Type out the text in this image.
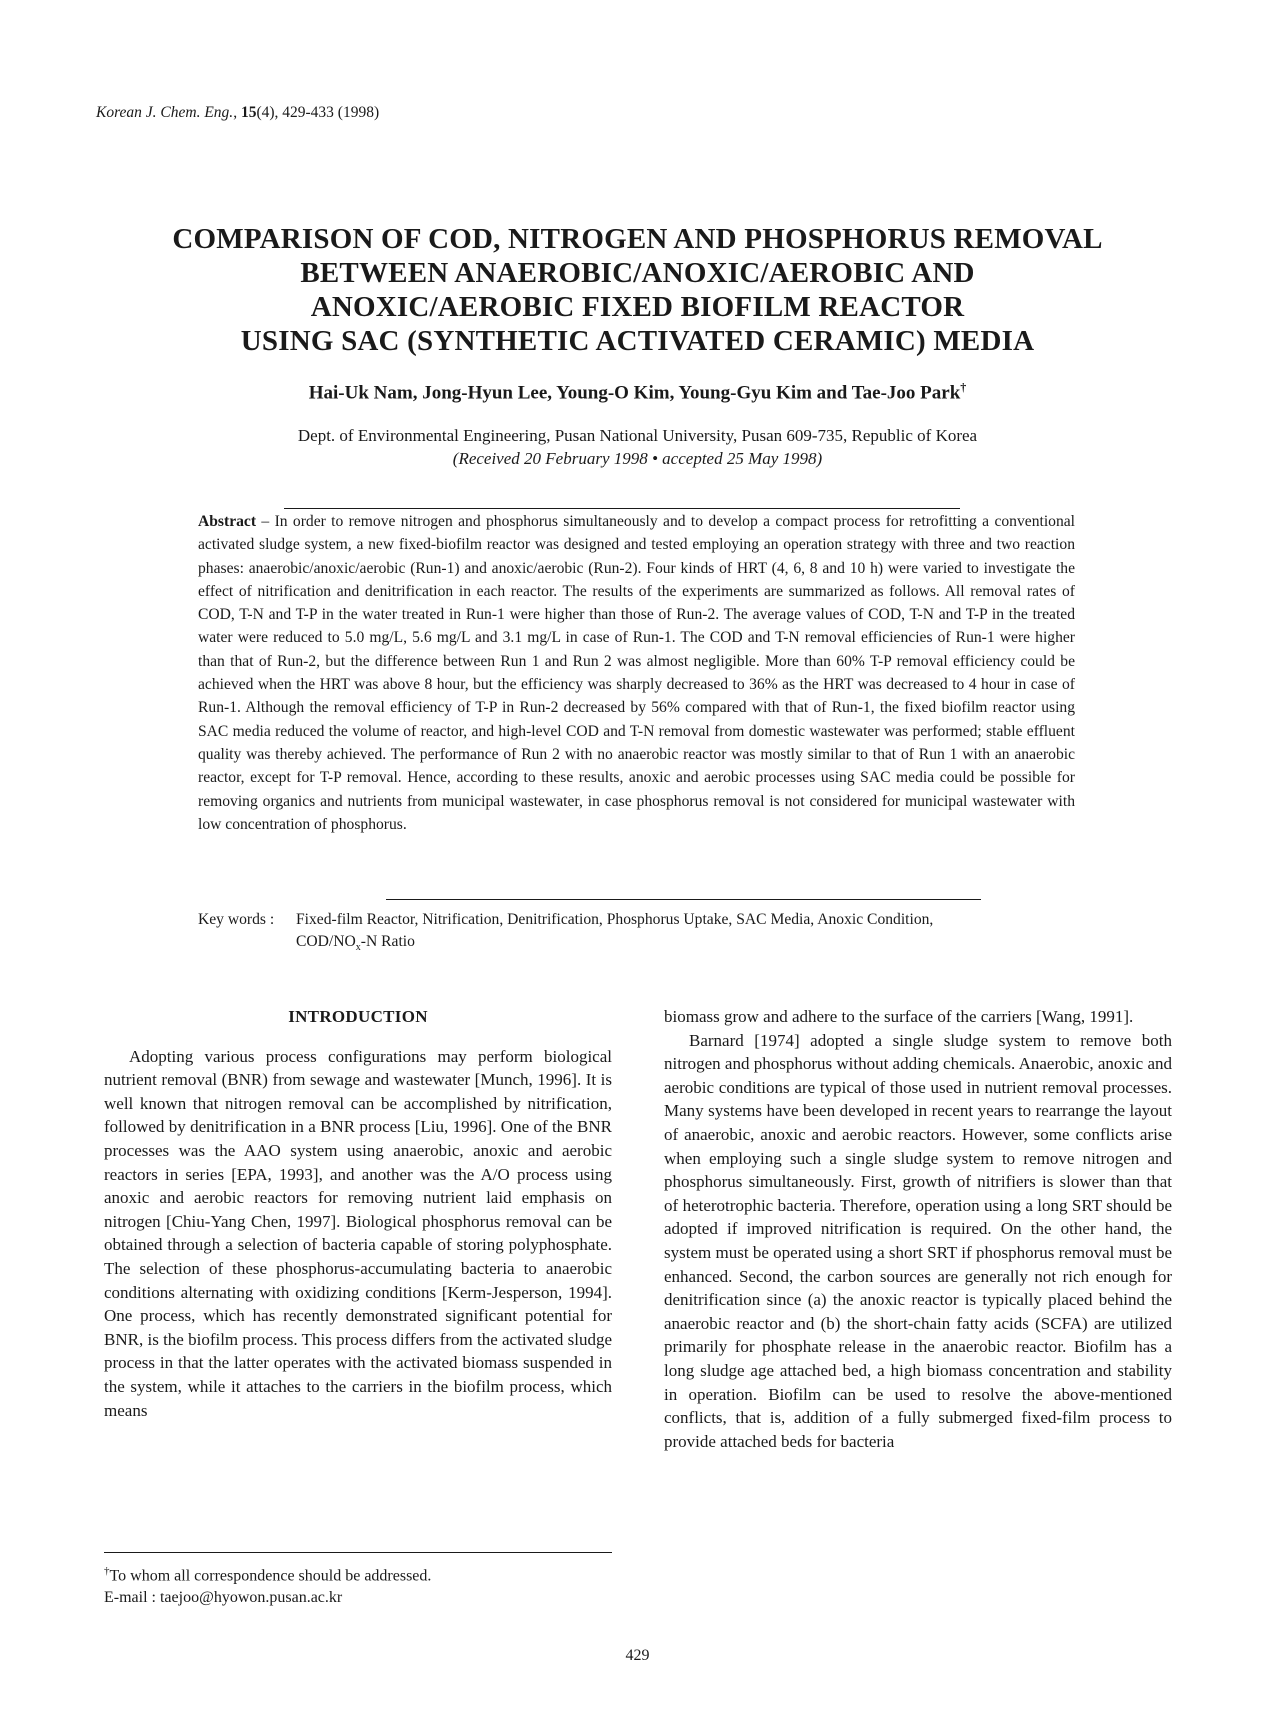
Korean J. Chem. Eng., 15(4), 429-433 (1998)
COMPARISON OF COD, NITROGEN AND PHOSPHORUS REMOVAL
BETWEEN ANAEROBIC/ANOXIC/AEROBIC AND
ANOXIC/AEROBIC FIXED BIOFILM REACTOR
USING SAC (SYNTHETIC ACTIVATED CERAMIC) MEDIA
Hai-Uk Nam, Jong-Hyun Lee, Young-O Kim, Young-Gyu Kim and Tae-Joo Park†
Dept. of Environmental Engineering, Pusan National University, Pusan 609-735, Republic of Korea
(Received 20 February 1998 • accepted 25 May 1998)
Abstract – In order to remove nitrogen and phosphorus simultaneously and to develop a compact process for retrofitting a conventional activated sludge system, a new fixed-biofilm reactor was designed and tested employing an operation strategy with three and two reaction phases: anaerobic/anoxic/aerobic (Run-1) and anoxic/aerobic (Run-2). Four kinds of HRT (4, 6, 8 and 10 h) were varied to investigate the effect of nitrification and denitrification in each reactor. The results of the experiments are summarized as follows. All removal rates of COD, T-N and T-P in the water treated in Run-1 were higher than those of Run-2. The average values of COD, T-N and T-P in the treated water were reduced to 5.0 mg/L, 5.6 mg/L and 3.1 mg/L in case of Run-1. The COD and T-N removal efficiencies of Run-1 were higher than that of Run-2, but the difference between Run 1 and Run 2 was almost negligible. More than 60% T-P removal efficiency could be achieved when the HRT was above 8 hour, but the efficiency was sharply decreased to 36% as the HRT was decreased to 4 hour in case of Run-1. Although the removal efficiency of T-P in Run-2 decreased by 56% compared with that of Run-1, the fixed biofilm reactor using SAC media reduced the volume of reactor, and high-level COD and T-N removal from domestic wastewater was performed; stable effluent quality was thereby achieved. The performance of Run 2 with no anaerobic reactor was mostly similar to that of Run 1 with an anaerobic reactor, except for T-P removal. Hence, according to these results, anoxic and aerobic processes using SAC media could be possible for removing organics and nutrients from municipal wastewater, in case phosphorus removal is not considered for municipal wastewater with low concentration of phosphorus.
Key words : Fixed-film Reactor, Nitrification, Denitrification, Phosphorus Uptake, SAC Media, Anoxic Condition,
COD/$NO_x-N$ Ratio
INTRODUCTION

Adopting various process configurations may perform biological nutrient removal (BNR) from sewage and wastewater [Munch, 1996]. It is well known that nitrogen removal can be accomplished by nitrification, followed by denitrification in a BNR process [Liu, 1996]. One of the BNR processes was the AAO system using anaerobic, anoxic and aerobic reactors in series [EPA, 1993], and another was the A/O process using anoxic and aerobic reactors for removing nutrient laid emphasis on nitrogen [Chiu-Yang Chen, 1997]. Biological phosphorus removal can be obtained through a selection of bacteria capable of storing polyphosphate. The selection of these phosphorus-accumulating bacteria to anaerobic conditions alternating with oxidizing conditions [Kerm-Jesperson, 1994]. One process, which has recently demonstrated significant potential for BNR, is the biofilm process. This process differs from the activated sludge process in that the latter operates with the activated biomass suspended in the system, while it attaches to the carriers in the biofilm process, which means

biomass grow and adhere to the surface of the carriers [Wang, 1991].

Barnard [1974] adopted a single sludge system to remove both nitrogen and phosphorus without adding chemicals. Anaerobic, anoxic and aerobic conditions are typical of those used in nutrient removal processes. Many systems have been developed in recent years to rearrange the layout of anaerobic, anoxic and aerobic reactors. However, some conflicts arise when employing such a single sludge system to remove nitrogen and phosphorus simultaneously. First, growth of nitrifiers is slower than that of heterotrophic bacteria. Therefore, operation using a long SRT should be adopted if improved nitrification is required. On the other hand, the system must be operated using a short SRT if phosphorus removal must be enhanced. Second, the carbon sources are generally not rich enough for denitrification since (a) the anoxic reactor is typically placed behind the anaerobic reactor and (b) the short-chain fatty acids (SCFA) are utilized primarily for phosphate release in the anaerobic reactor. Biofilm has a long sludge age attached bed, a high biomass concentration and stability in operation. Biofilm can be used to resolve the above-mentioned conflicts, that is, addition of a fully submerged fixed-film process to provide attached beds for bacteria

†To whom all correspondence should be addressed.
E-mail : taejoo@hyowon.pusan.ac.kr
429
